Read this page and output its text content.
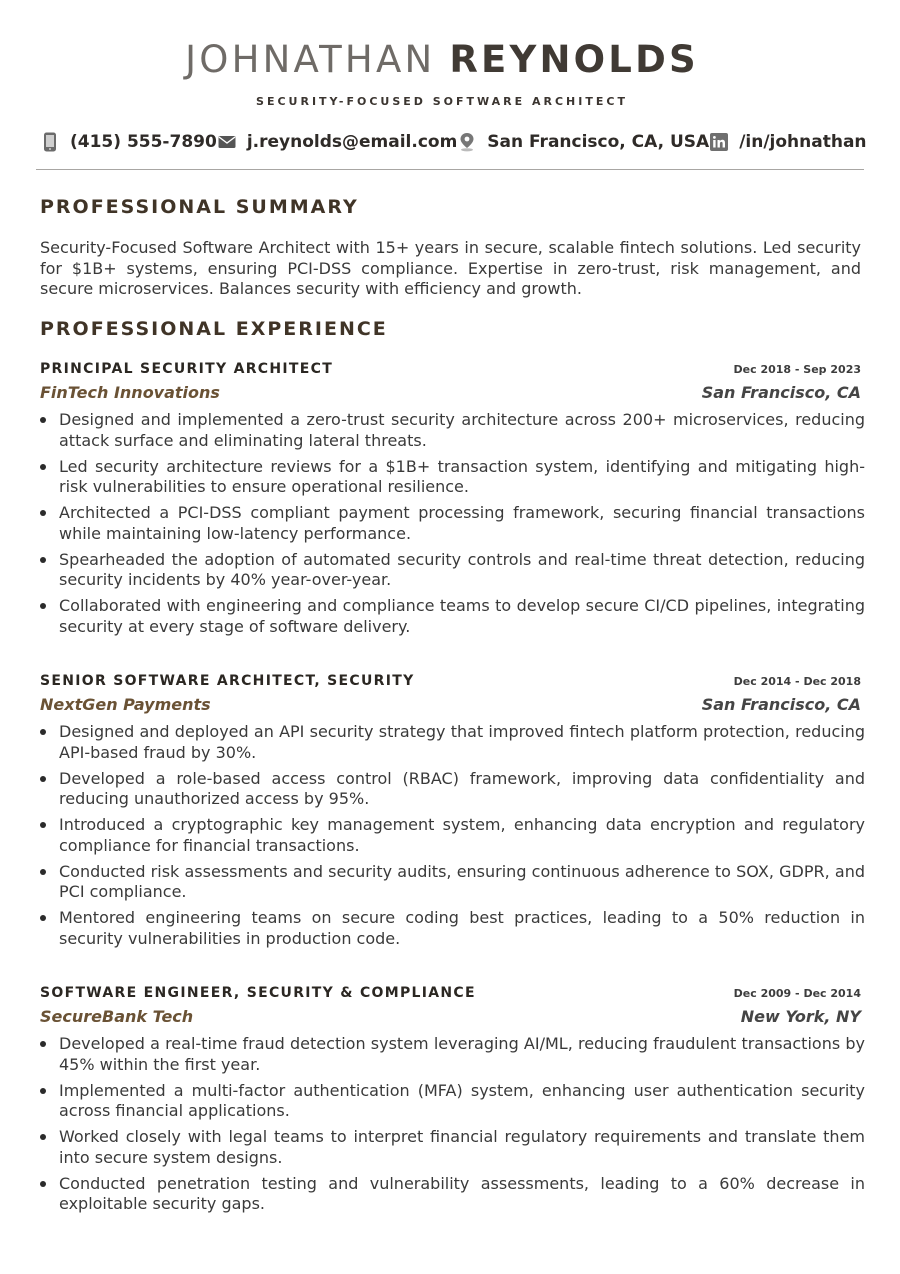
JOHNATHAN REYNOLDS
SECURITY-FOCUSED SOFTWARE ARCHITECT
(415) 555-7890 j.reynolds@email.com San Francisco, CA, USA /in/johnathan
PROFESSIONAL SUMMARY
Security-Focused Software Architect with 15+ years in secure, scalable fintech solutions. Led security for $1B+ systems, ensuring PCI-DSS compliance. Expertise in zero-trust, risk management, and secure microservices. Balances security with efficiency and growth.
PROFESSIONAL EXPERIENCE
PRINCIPAL SECURITY ARCHITECT	Dec 2018 - Sep 2023
FinTech Innovations	San Francisco, CA
Designed and implemented a zero-trust security architecture across 200+ microservices, reducing attack surface and eliminating lateral threats.
Led security architecture reviews for a $1B+ transaction system, identifying and mitigating high-risk vulnerabilities to ensure operational resilience.
Architected a PCI-DSS compliant payment processing framework, securing financial transactions while maintaining low-latency performance.
Spearheaded the adoption of automated security controls and real-time threat detection, reducing security incidents by 40% year-over-year.
Collaborated with engineering and compliance teams to develop secure CI/CD pipelines, integrating security at every stage of software delivery.
SENIOR SOFTWARE ARCHITECT, SECURITY	Dec 2014 - Dec 2018
NextGen Payments	San Francisco, CA
Designed and deployed an API security strategy that improved fintech platform protection, reducing API-based fraud by 30%.
Developed a role-based access control (RBAC) framework, improving data confidentiality and reducing unauthorized access by 95%.
Introduced a cryptographic key management system, enhancing data encryption and regulatory compliance for financial transactions.
Conducted risk assessments and security audits, ensuring continuous adherence to SOX, GDPR, and PCI compliance.
Mentored engineering teams on secure coding best practices, leading to a 50% reduction in security vulnerabilities in production code.
SOFTWARE ENGINEER, SECURITY & COMPLIANCE	Dec 2009 - Dec 2014
SecureBank Tech	New York, NY
Developed a real-time fraud detection system leveraging AI/ML, reducing fraudulent transactions by 45% within the first year.
Implemented a multi-factor authentication (MFA) system, enhancing user authentication security across financial applications.
Worked closely with legal teams to interpret financial regulatory requirements and translate them into secure system designs.
Conducted penetration testing and vulnerability assessments, leading to a 60% decrease in exploitable security gaps.
